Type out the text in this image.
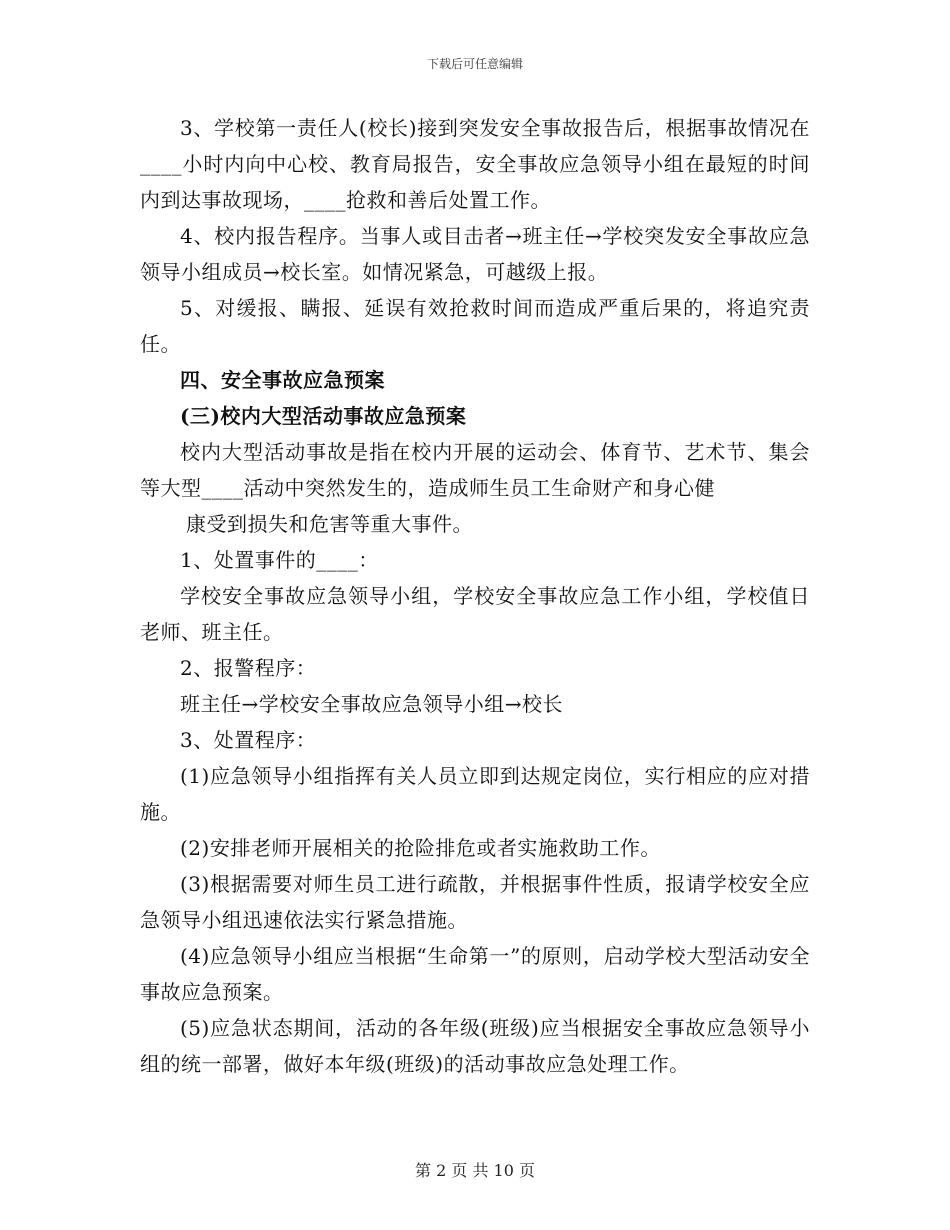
下载后可任意编辑

3、学校第一责任人(校长)接到突发安全事故报告后，根据事故情况在____小时内向中心校、教育局报告，安全事故应急领导小组在最短的时间内到达事故现场，____抢救和善后处置工作。

4、校内报告程序。当事人或目击者→班主任→学校突发安全事故应急领导小组成员→校长室。如情况紧急，可越级上报。

5、对缓报、瞒报、延误有效抢救时间而造成严重后果的，将追究责任。

四、安全事故应急预案

(三)校内大型活动事故应急预案

校内大型活动事故是指在校内开展的运动会、体育节、艺术节、集会等大型____活动中突然发生的，造成师生员工生命财产和身心健

康受到损失和危害等重大事件。

1、处置事件的____：

学校安全事故应急领导小组，学校安全事故应急工作小组，学校值日老师、班主任。

2、报警程序：

班主任→学校安全事故应急领导小组→校长

3、处置程序：

(1)应急领导小组指挥有关人员立即到达规定岗位，实行相应的应对措施。

(2)安排老师开展相关的抢险排危或者实施救助工作。

(3)根据需要对师生员工进行疏散，并根据事件性质，报请学校安全应急领导小组迅速依法实行紧急措施。

(4)应急领导小组应当根据“生命第一”的原则，启动学校大型活动安全事故应急预案。

(5)应急状态期间，活动的各年级(班级)应当根据安全事故应急领导小组的统一部署，做好本年级(班级)的活动事故应急处理工作。

第 2 页 共 10 页
